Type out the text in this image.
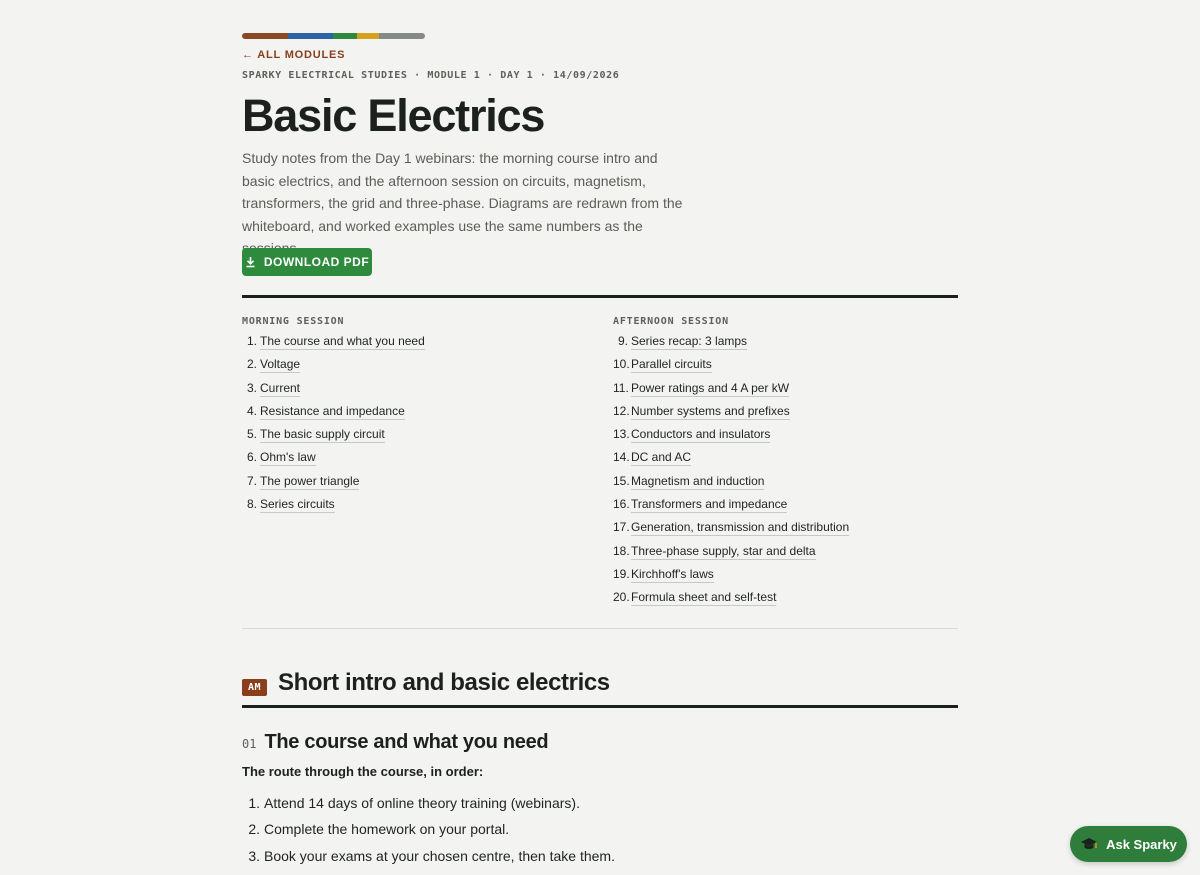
← ALL MODULES
SPARKY ELECTRICAL STUDIES · MODULE 1 · DAY 1 · 14/09/2026
Basic Electrics

Study notes from the Day 1 webinars: the morning course intro and basic electrics, and the afternoon session on circuits, magnetism, transformers, the grid and three-phase. Diagrams are redrawn from the whiteboard, and worked examples use the same numbers as the

DOWNLOAD PDF
MORNING SESSION
1. The course and what you need
2. Voltage
3. Current
4. Resistance and impedance
5. The basic supply circuit
6. Ohm's law
7. The power triangle
8. Series circuits
AFTERNOON SESSION
9. Series recap: 3 lamps
10. Parallel circuits
11. Power ratings and 4 A per kW
12. Number systems and prefixes
13. Conductors and insulators
14. DC and AC
15. Magnetism and induction
16. Transformers and impedance
17. Generation, transmission and distribution
18. Three-phase supply, star and delta
19. Kirchhoff's laws
20. Formula sheet and self-test
AM Short intro and basic electrics
01 The course and what you need

The route through the course, in order:

1. Attend 14 days of online theory training (webinars).
2. Complete the homework on your portal.
3. Book your exams at your chosen centre, then take them.
Ask Sparky
